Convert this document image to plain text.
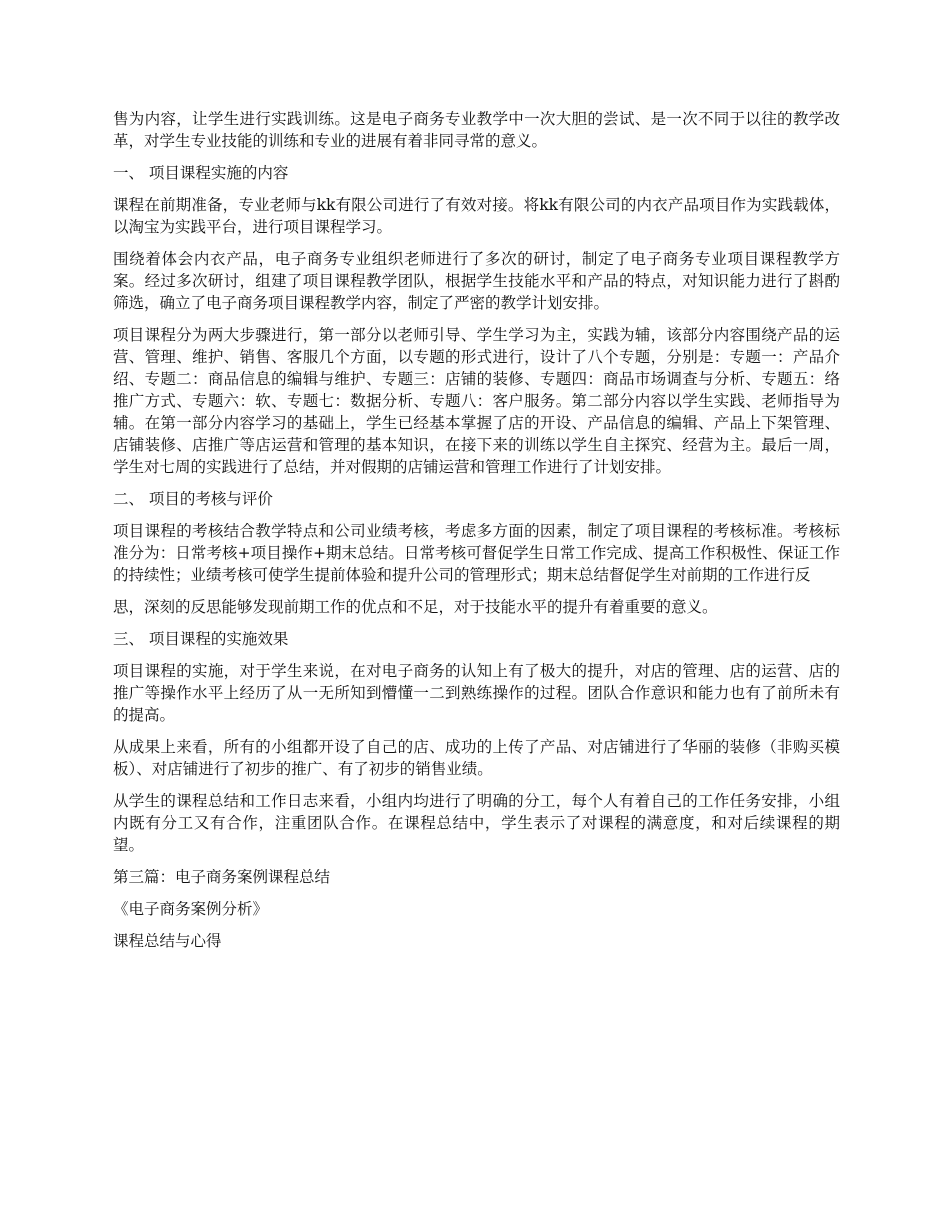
售为内容，让学生进行实践训练。这是电子商务专业教学中一次大胆的尝试、是一次不同于以往的教学改革，对学生专业技能的训练和专业的进展有着非同寻常的意义。

一、 项目课程实施的内容

课程在前期准备，专业老师与kk有限公司进行了有效对接。将kk有限公司的内衣产品项目作为实践载体，以淘宝为实践平台，进行项目课程学习。

围绕着体会内衣产品，电子商务专业组织老师进行了多次的研讨，制定了电子商务专业项目课程教学方案。经过多次研讨，组建了项目课程教学团队，根据学生技能水平和产品的特点，对知识能力进行了斟酌筛选，确立了电子商务项目课程教学内容，制定了严密的教学计划安排。

项目课程分为两大步骤进行，第一部分以老师引导、学生学习为主，实践为辅，该部分内容围绕产品的运营、管理、维护、销售、客服几个方面，以专题的形式进行，设计了八个专题，分别是：专题一：产品介绍、专题二：商品信息的编辑与维护、专题三：店铺的装修、专题四：商品市场调查与分析、专题五：络推广方式、专题六：软、专题七：数据分析、专题八：客户服务。第二部分内容以学生实践、老师指导为辅。在第一部分内容学习的基础上，学生已经基本掌握了店的开设、产品信息的编辑、产品上下架管理、店铺装修、店推广等店运营和管理的基本知识，在接下来的训练以学生自主探究、经营为主。最后一周，学生对七周的实践进行了总结，并对假期的店铺运营和管理工作进行了计划安排。

二、 项目的考核与评价

项目课程的考核结合教学特点和公司业绩考核，考虑多方面的因素，制定了项目课程的考核标准。考核标准分为：日常考核+项目操作+期末总结。日常考核可督促学生日常工作完成、提高工作积极性、保证工作的持续性；业绩考核可使学生提前体验和提升公司的管理形式；期末总结督促学生对前期的工作进行反

思，深刻的反思能够发现前期工作的优点和不足，对于技能水平的提升有着重要的意义。

三、 项目课程的实施效果

项目课程的实施，对于学生来说，在对电子商务的认知上有了极大的提升，对店的管理、店的运营、店的推广等操作水平上经历了从一无所知到懵懂一二到熟练操作的过程。团队合作意识和能力也有了前所未有的提高。

从成果上来看，所有的小组都开设了自己的店、成功的上传了产品、对店铺进行了华丽的装修（非购买模板）、对店铺进行了初步的推广、有了初步的销售业绩。

从学生的课程总结和工作日志来看，小组内均进行了明确的分工，每个人有着自己的工作任务安排，小组内既有分工又有合作，注重团队合作。在课程总结中，学生表示了对课程的满意度，和对后续课程的期望。

第三篇：电子商务案例课程总结

《电子商务案例分析》

课程总结与心得
